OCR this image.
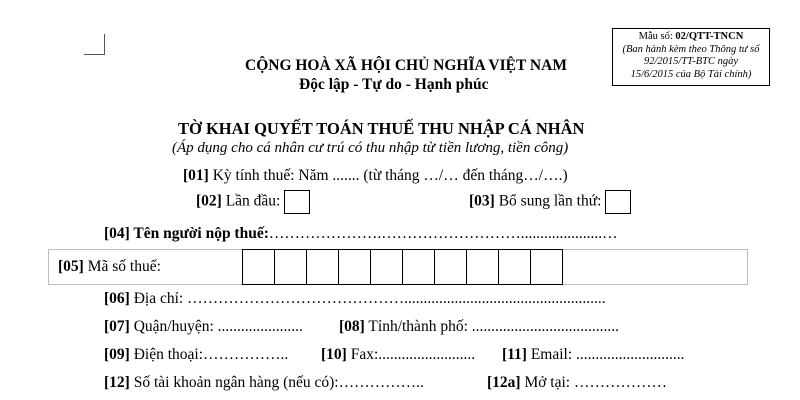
Mẫu số: 02/QTT-TNCN
(Ban hành kèm theo Thông tư số
92/2015/TT-BTC ngày
15/6/2015 của Bộ Tài chính)
CỘNG HOÀ XÃ HỘI CHỦ NGHĨA VIỆT NAM
Độc lập - Tự do - Hạnh phúc
TỜ KHAI QUYẾT TOÁN THUẾ THU NHẬP CÁ NHÂN
(Áp dụng cho cá nhân cư trú có thu nhập từ tiền lương, tiền công)
[01] Kỳ tính thuế: Năm ....... (từ tháng …/… đến tháng…/….)
[02] Lần đầu:	[03] Bổ sung lần thứ:
[04] Tên người nộp thuế:………………….……………………….....................…
[05] Mã số thuế:
[06] Địa chỉ: ……………………………………....................................................
[07] Quận/huyện: ...................... [08] Tỉnh/thành phố: ......................................
[09] Điện thoại:…………….. [10] Fax:......................... [11] Email: ............................
[12] Số tài khoản ngân hàng (nếu có):……………..	[12a] Mở tại: ………………
